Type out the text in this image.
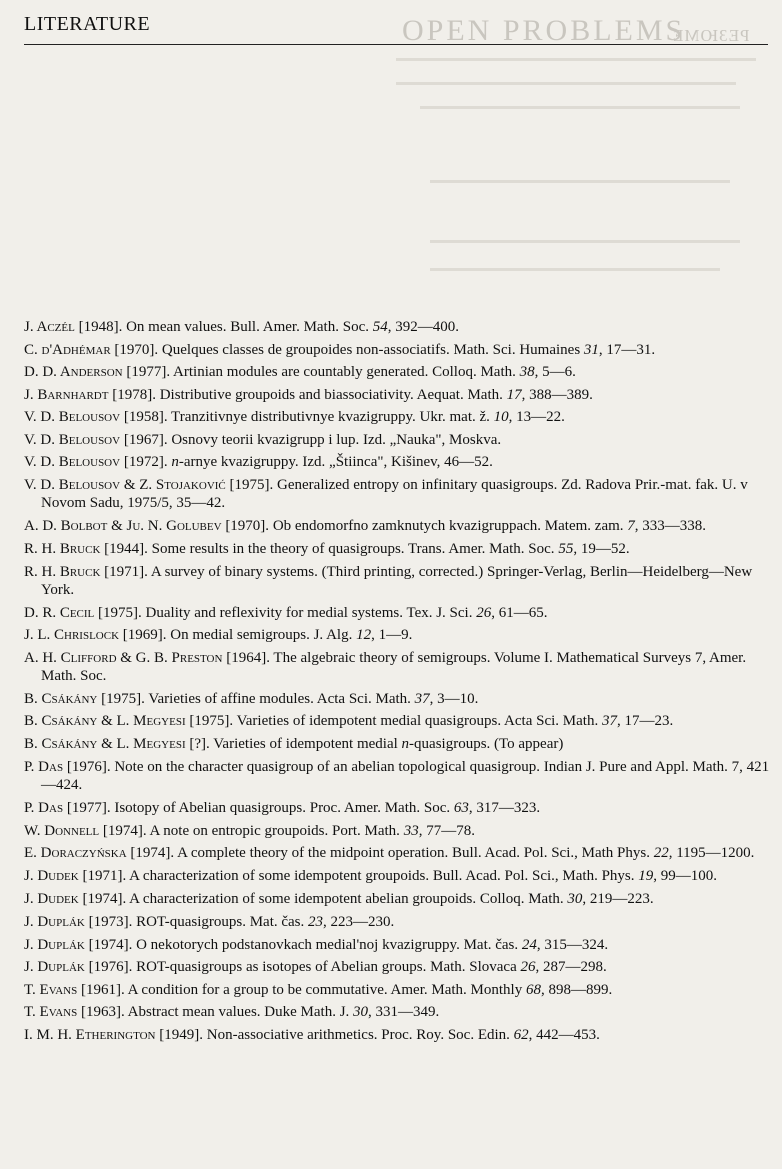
OPEN PROBLEMS
РЕЗЮМЕ
LITERATURE
J. Aczél [1948]. On mean values. Bull. Amer. Math. Soc. 54, 392—400.
C. d'Adhémar [1970]. Quelques classes de groupoides non-associatifs. Math. Sci. Humaines 31, 17—31.
D. D. Anderson [1977]. Artinian modules are countably generated. Colloq. Math. 38, 5—6.
J. Barnhardt [1978]. Distributive groupoids and biassociativity. Aequat. Math. 17, 388—389.
V. D. Belousov [1958]. Tranzitivnye distributivnye kvazigruppy. Ukr. mat. ž. 10, 13—22.
V. D. Belousov [1967]. Osnovy teorii kvazigrupp i lup. Izd. „Nauka", Moskva.
V. D. Belousov [1972]. n-arnye kvazigruppy. Izd. „Štiinca", Kišinev, 46—52.
V. D. Belousov & Z. Stojaković [1975]. Generalized entropy on infinitary quasigroups. Zd. Radova Prir.-mat. fak. U. v Novom Sadu, 1975/5, 35—42.
A. D. Bolbot & Ju. N. Golubev [1970]. Ob endomorfno zamknutych kvazigruppach. Matem. zam. 7, 333—338.
R. H. Bruck [1944]. Some results in the theory of quasigroups. Trans. Amer. Math. Soc. 55, 19—52.
R. H. Bruck [1971]. A survey of binary systems. (Third printing, corrected.) Springer-Verlag, Berlin—Heidelberg—New York.
D. R. Cecil [1975]. Duality and reflexivity for medial systems. Tex. J. Sci. 26, 61—65.
J. L. Chrislock [1969]. On medial semigroups. J. Alg. 12, 1—9.
A. H. Clifford & G. B. Preston [1964]. The algebraic theory of semigroups. Volume I. Mathematical Surveys 7, Amer. Math. Soc.
B. Csákány [1975]. Varieties of affine modules. Acta Sci. Math. 37, 3—10.
B. Csákány & L. Megyesi [1975]. Varieties of idempotent medial quasigroups. Acta Sci. Math. 37, 17—23.
B. Csákány & L. Megyesi [?]. Varieties of idempotent medial n-quasigroups. (To appear)
P. Das [1976]. Note on the character quasigroup of an abelian topological quasigroup. Indian J. Pure and Appl. Math. 7, 421—424.
P. Das [1977]. Isotopy of Abelian quasigroups. Proc. Amer. Math. Soc. 63, 317—323.
W. Donnell [1974]. A note on entropic groupoids. Port. Math. 33, 77—78.
E. Doraczyńska [1974]. A complete theory of the midpoint operation. Bull. Acad. Pol. Sci., Math Phys. 22, 1195—1200.
J. Dudek [1971]. A characterization of some idempotent groupoids. Bull. Acad. Pol. Sci., Math. Phys. 19, 99—100.
J. Dudek [1974]. A characterization of some idempotent abelian groupoids. Colloq. Math. 30, 219—223.
J. Duplák [1973]. ROT-quasigroups. Mat. čas. 23, 223—230.
J. Duplák [1974]. O nekotorych podstanovkach medial'noj kvazigruppy. Mat. čas. 24, 315—324.
J. Duplák [1976]. ROT-quasigroups as isotopes of Abelian groups. Math. Slovaca 26, 287—298.
T. Evans [1961]. A condition for a group to be commutative. Amer. Math. Monthly 68, 898—899.
T. Evans [1963]. Abstract mean values. Duke Math. J. 30, 331—349.
I. M. H. Etherington [1949]. Non-associative arithmetics. Proc. Roy. Soc. Edin. 62, 442—453.
